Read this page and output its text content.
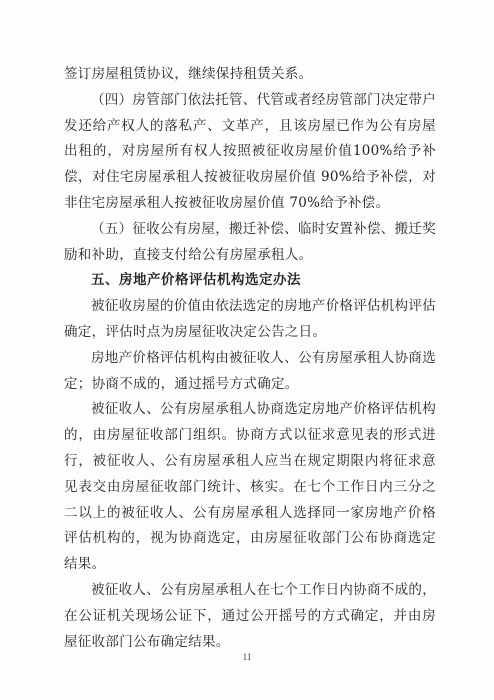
签订房屋租赁协议，继续保持租赁关系。

（四）房管部门依法托管、代管或者经房管部门决定带户发还给产权人的落私产、文革产，且该房屋已作为公有房屋出租的，对房屋所有权人按照被征收房屋价值100%给予补偿，对住宅房屋承租人按被征收房屋价值 90%给予补偿，对非住宅房屋承租人按被征收房屋价值 70%给予补偿。

（五）征收公有房屋，搬迁补偿、临时安置补偿、搬迁奖励和补助，直接支付给公有房屋承租人。

五、房地产价格评估机构选定办法

被征收房屋的价值由依法选定的房地产价格评估机构评估确定，评估时点为房屋征收决定公告之日。

房地产价格评估机构由被征收人、公有房屋承租人协商选定；协商不成的，通过摇号方式确定。

被征收人、公有房屋承租人协商选定房地产价格评估机构的，由房屋征收部门组织。协商方式以征求意见表的形式进行，被征收人、公有房屋承租人应当在规定期限内将征求意见表交由房屋征收部门统计、核实。在七个工作日内三分之二以上的被征收人、公有房屋承租人选择同一家房地产价格评估机构的，视为协商选定，由房屋征收部门公布协商选定结果。

被征收人、公有房屋承租人在七个工作日内协商不成的，在公证机关现场公证下，通过公开摇号的方式确定，并由房屋征收部门公布确定结果。

11
